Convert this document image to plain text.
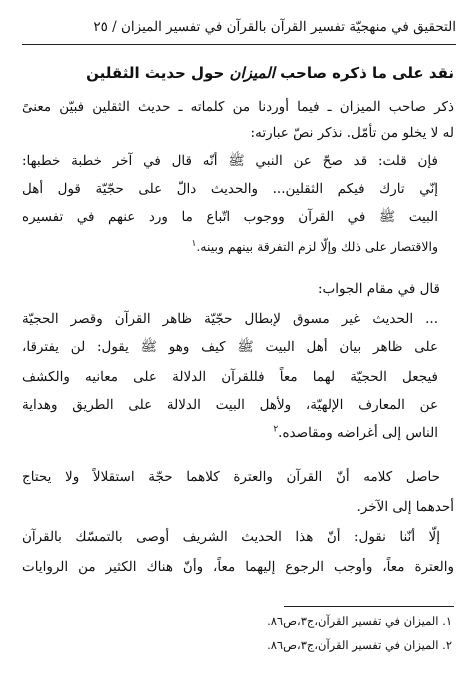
التحقيق في منهجيّة تفسير القرآن بالقرآن في تفسير الميزان / ٢٥
نقد على ما ذكره صاحب الميزان حول حديث الثقلين
ذكر صاحب الميزان ـ فيما أوردنا من كلماته ـ حديث الثقلين فبيّن معنىً
له لا يخلو من تأمّل. نذكر نصّ عبارته:
فإن قلت: قد صحّ عن النبي ﷺ أنّه قال في آخر خطبة خطبها:
إنّي تارك فيكم الثقلين... والحديث دالّ على حجّيّة قول أهل
البيت ﷺ في القرآن ووجوب اتّباع ما ورد عنهم في تفسيره
والاقتصار على ذلك وإلّا لزم التفرقة بينهم وبينه.$^١$
قال في مقام الجواب:
... الحديث غير مسوق لإبطال حجّيّة ظاهر القرآن وقصر الحجيّة
على ظاهر بيان أهل البيت ﷺ كيف وهو ﷺ يقول: لن يفترقا،
فيجعل الحجيّة لهما معاً فللقرآن الدلالة على معانيه والكشف
عن المعارف الإلهيّة، ولأهل البيت الدلالة على الطريق وهداية
الناس إلى أغراضه ومقاصده.$^٢$
حاصل كلامه أنّ القرآن والعترة كلاهما حجّة استقلالاً ولا يحتاج
أحدهما إلى الآخر.
إلّا أنّنا نقول: أنّ هذا الحديث الشريف أوصى بالتمسّك بالقرآن
والعترة معاً، وأوجب الرجوع إليهما معاً، وأنّ هناك الكثير من الروايات
١. الميزان في تفسير القرآن،ج٣،ص٨٦.
٢. الميزان في تفسير القرآن،ج٣،ص٨٦.
